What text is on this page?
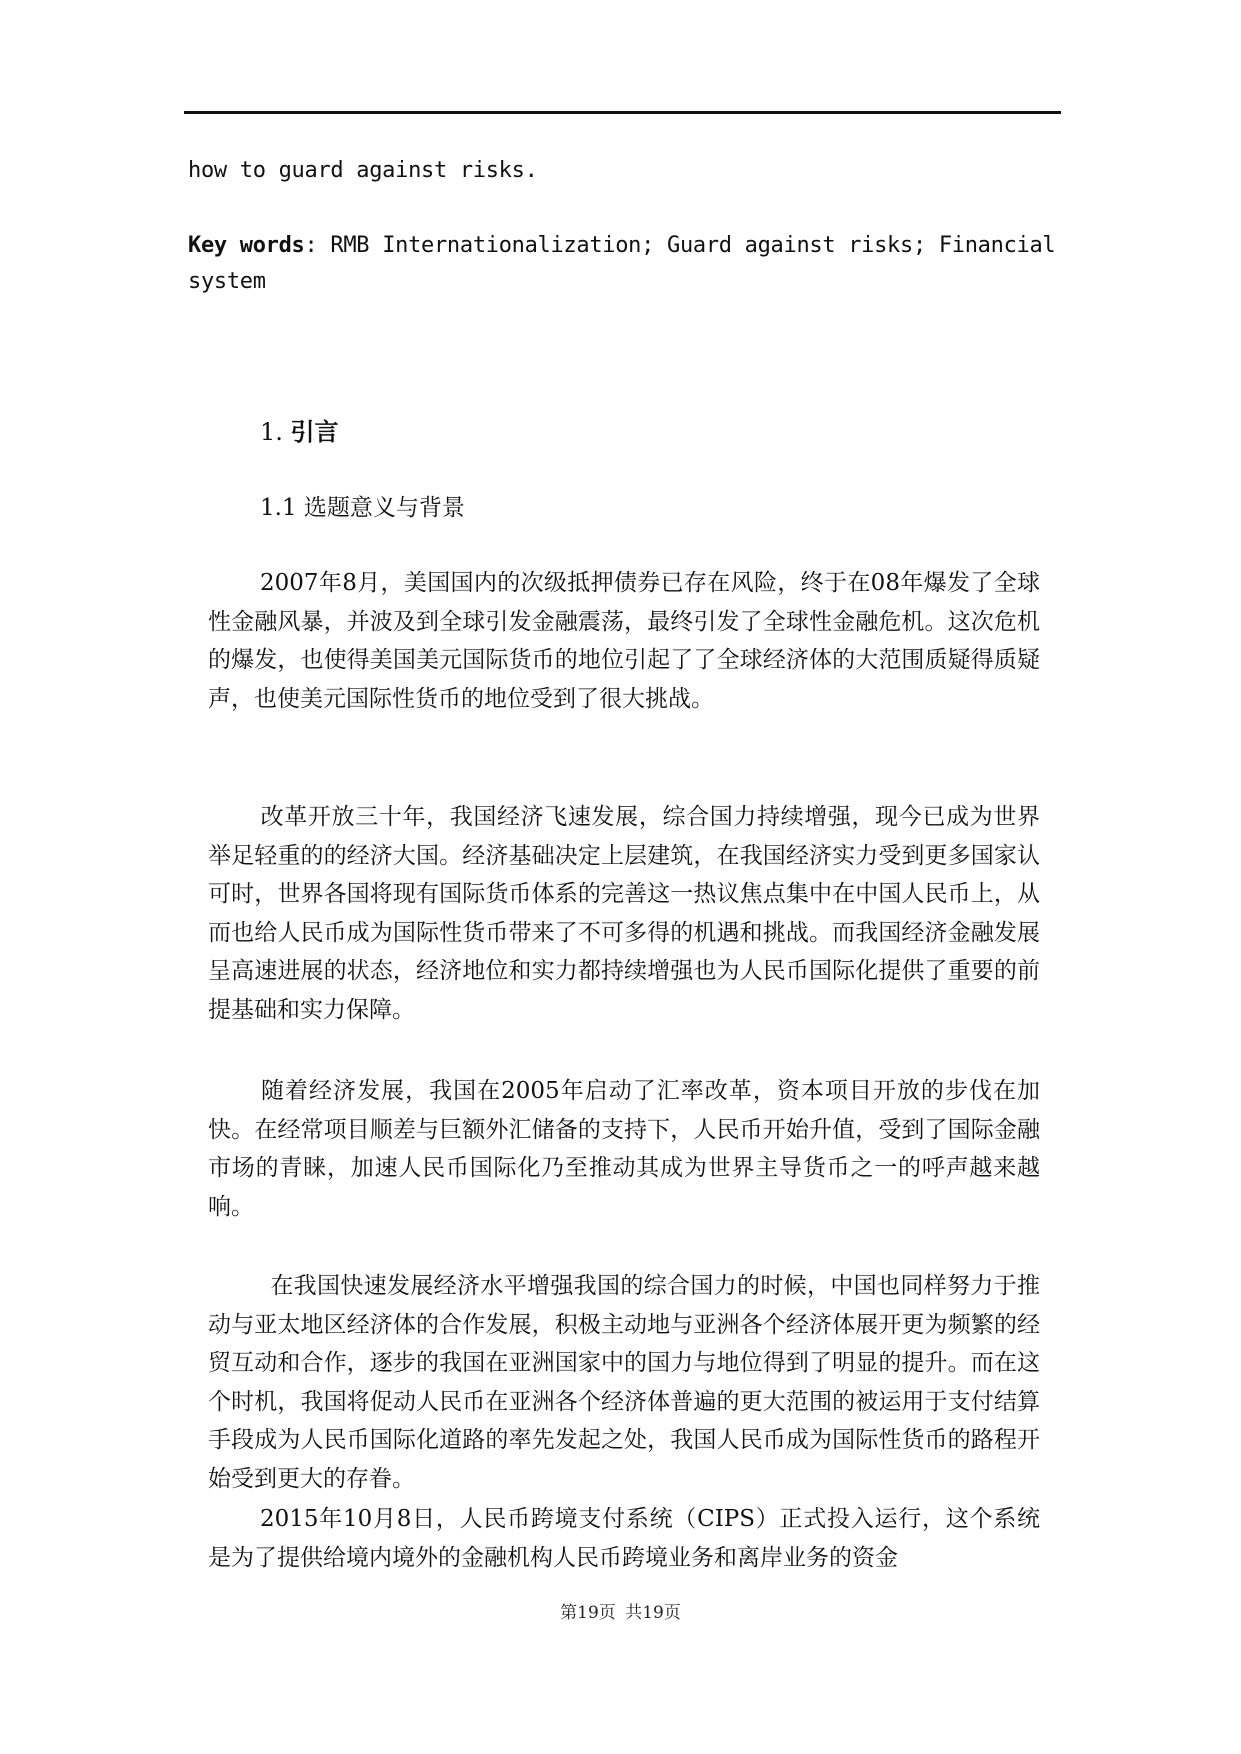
how to guard against risks.
Key words: RMB Internationalization; Guard against risks; Financial system
1. 引言
1.1 选题意义与背景
2007年8月，美国国内的次级抵押债券已存在风险，终于在08年爆发了全球性金融风暴，并波及到全球引发金融震荡，最终引发了全球性金融危机。这次危机的爆发，也使得美国美元国际货币的地位引起了了全球经济体的大范围质疑得质疑声，也使美元国际性货币的地位受到了很大挑战。
改革开放三十年，我国经济飞速发展，综合国力持续增强，现今已成为世界举足轻重的的经济大国。经济基础决定上层建筑，在我国经济实力受到更多国家认可时，世界各国将现有国际货币体系的完善这一热议焦点集中在中国人民币上，从而也给人民币成为国际性货币带来了不可多得的机遇和挑战。而我国经济金融发展呈高速进展的状态，经济地位和实力都持续增强也为人民币国际化提供了重要的前提基础和实力保障。
随着经济发展，我国在2005年启动了汇率改革，资本项目开放的步伐在加快。在经常项目顺差与巨额外汇储备的支持下，人民币开始升值，受到了国际金融市场的青睐，加速人民币国际化乃至推动其成为世界主导货币之一的呼声越来越响。
在我国快速发展经济水平增强我国的综合国力的时候，中国也同样努力于推动与亚太地区经济体的合作发展，积极主动地与亚洲各个经济体展开更为频繁的经贸互动和合作，逐步的我国在亚洲国家中的国力与地位得到了明显的提升。而在这个时机，我国将促动人民币在亚洲各个经济体普遍的更大范围的被运用于支付结算手段成为人民币国际化道路的率先发起之处，我国人民币成为国际性货币的路程开始受到更大的存眷。
2015年10月8日，人民币跨境支付系统（CIPS）正式投入运行，这个系统是为了提供给境内境外的金融机构人民币跨境业务和离岸业务的资金
第19页 共19页
